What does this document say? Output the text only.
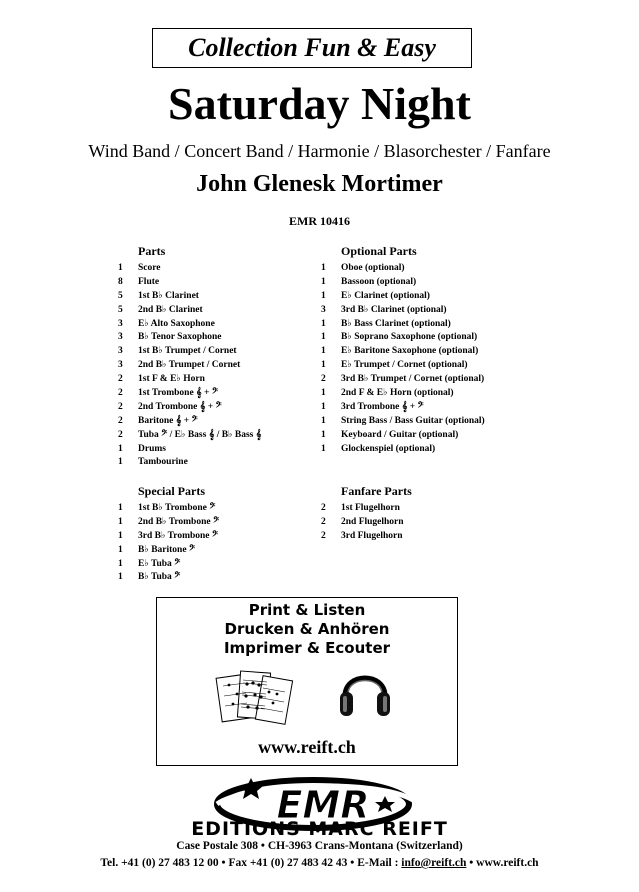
Collection Fun & Easy
Saturday Night
Wind Band / Concert Band / Harmonie / Blasorchester / Fanfare
John Glenesk Mortimer
EMR 10416
Parts
1	Score
8	Flute
5	1st B♭ Clarinet
5	2nd B♭ Clarinet
3	E♭ Alto Saxophone
3	B♭ Tenor Saxophone
3	1st B♭ Trumpet / Cornet
3	2nd B♭ Trumpet / Cornet
2	1st F & E♭ Horn
2	1st Trombone 𝄞 + 𝄢
2	2nd Trombone 𝄞 + 𝄢
2	Baritone 𝄞 + 𝄢
2	Tuba 𝄢 / E♭ Bass 𝄞 / B♭ Bass 𝄞
1	Drums
1	Tambourine
Optional Parts
1	Oboe (optional)
1	Bassoon (optional)
1	E♭ Clarinet (optional)
3	3rd B♭ Clarinet (optional)
1	B♭ Bass Clarinet (optional)
1	B♭ Soprano Saxophone (optional)
1	E♭ Baritone Saxophone (optional)
1	E♭ Trumpet / Cornet (optional)
2	3rd B♭ Trumpet / Cornet (optional)
1	2nd F & E♭ Horn (optional)
1	3rd Trombone 𝄞 + 𝄢
1	String Bass / Bass Guitar (optional)
1	Keyboard / Guitar (optional)
1	Glockenspiel (optional)
Special Parts
1	1st B♭ Trombone 𝄢
1	2nd B♭ Trombone 𝄢
1	3rd B♭ Trombone 𝄢
1	B♭ Baritone 𝄢
1	E♭ Tuba 𝄢
1	B♭ Tuba 𝄢
Fanfare Parts
2	1st Flugelhorn
2	2nd Flugelhorn
2	3rd Flugelhorn
Print & Listen
Drucken & Anhören
Imprimer & Ecouter
www.reift.ch
EMR
EDITIONS MARC REIFT
Case Postale 308 • CH-3963 Crans-Montana (Switzerland)
Tel. +41 (0) 27 483 12 00 • Fax +41 (0) 27 483 42 43 • E-Mail : info@reift.ch • www.reift.ch
